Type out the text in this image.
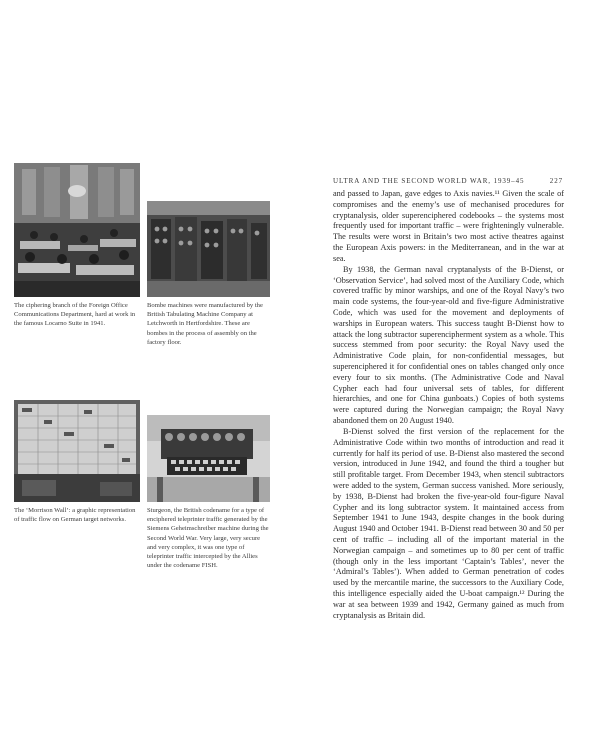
The ciphering branch of the Foreign Office Communications Department, hard at work in the famous Locarno Suite in 1941.

Bombe machines were manufactured by the British Tabulating Machine Company at Letchworth in Hertfordshire. These are bombes in the process of assembly on the factory floor.

The ‘Morrison Wall’: a graphic representation of traffic flow on German target networks.

Sturgeon, the British codename for a type of enciphered teleprinter traffic generated by the Siemens Geheimschreiber machine during the Second World War. Very large, very secure and very complex, it was one type of teleprinter traffic intercepted by the Allies under the codename FISH.

ULTRA AND THE SECOND WORLD WAR, 1939–45	227

and passed to Japan, gave edges to Axis navies.¹¹ Given the scale of compromises and the enemy’s use of mechanised procedures for cryptanalysis, older superenciphered codebooks – the systems most frequently used for important traffic – were frighteningly vulnerable. The results were worst in Britain’s two most active theatres against the European Axis powers: in the Mediterranean, and in the war at sea.

By 1938, the German naval cryptanalysts of the B-Dienst, or ‘Observation Service’, had solved most of the Auxiliary Code, which covered traffic by minor warships, and one of the Royal Navy’s two main code systems, the four-year-old and five-figure Administrative Code, which was used for the movement and deployments of warships in European waters. This success taught B-Dienst how to attack the long subtractor superencipherment system as a whole. This success stemmed from poor security: the Royal Navy used the Administrative Code plain, for non-confidential messages, but superenciphered it for confidential ones on tables changed only once every four to six months. (The Administrative Code and Naval Cypher each had four universal sets of tables, for different hierarchies, and one for China gunboats.) Copies of both systems were captured during the Norwegian campaign; the Royal Navy abandoned them on 20 August 1940.

B-Dienst solved the first version of the replacement for the Administrative Code within two months of introduction and read it currently for half its period of use. B-Dienst also mastered the second version, introduced in June 1942, and found the third a tougher but still profitable target. From December 1943, when stencil subtractors were added to the system, German success vanished. More seriously, by 1938, B-Dienst had broken the five-year-old four-figure Naval Cypher and its long subtractor system. It maintained access from September 1941 to June 1943, despite changes in the book during August 1940 and October 1941. B-Dienst read between 30 and 50 per cent of traffic – including all of the important material in the Norwegian campaign – and sometimes up to 80 per cent of traffic (though only in the less important ‘Captain’s Tables’, never the ‘Admiral’s Tables’). When added to German penetration of codes used by the mercantile marine, the successors to the Auxiliary Code, this intelligence especially aided the U-boat campaign.¹² During the war at sea between 1939 and 1942, Germany gained as much from cryptanalysis as Britain did.
